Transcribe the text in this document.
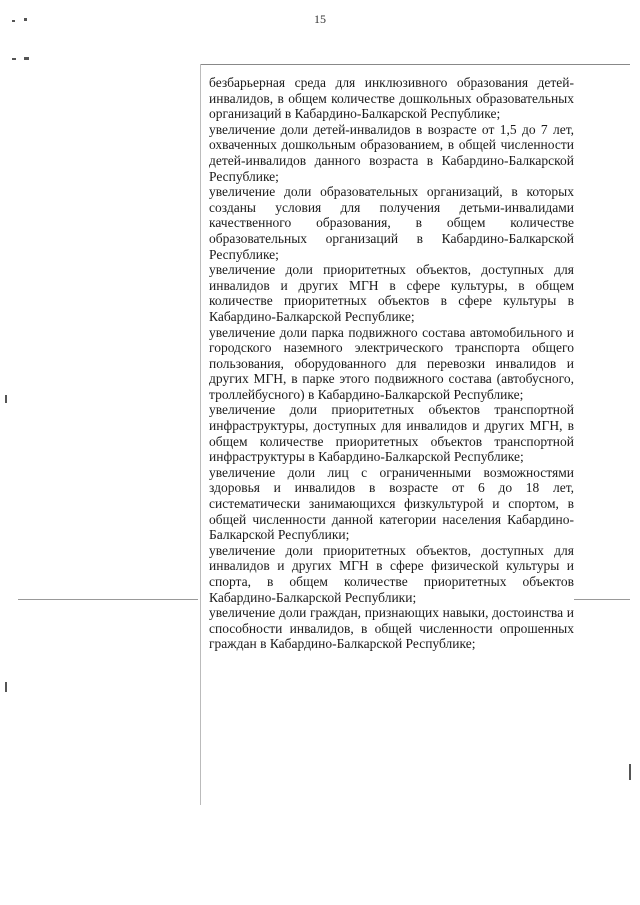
15

безбарьерная среда для инклюзивного образования детей-инвалидов, в общем количестве дошкольных образовательных организаций в Кабардино-Балкарской Республике;

увеличение доли детей-инвалидов в возрасте от 1,5 до 7 лет, охваченных дошкольным образованием, в общей численности детей-инвалидов данного возраста в Кабардино-Балкарской Республике;

увеличение доли образовательных организаций, в которых созданы условия для получения детьми-инвалидами качественного образования, в общем количестве образовательных организаций в Кабардино-Балкарской Республике;

увеличение доли приоритетных объектов, доступных для инвалидов и других МГН в сфере культуры, в общем количестве приоритетных объектов в сфере культуры в Кабардино-Балкарской Республике;

увеличение доли парка подвижного состава автомобильного и городского наземного электрического транспорта общего пользования, оборудованного для перевозки инвалидов и других МГН, в парке этого подвижного состава (автобусного, троллейбусного) в Кабардино-Балкарской Республике;

увеличение доли приоритетных объектов транспортной инфраструктуры, доступных для инвалидов и других МГН, в общем количестве приоритетных объектов транспортной инфраструктуры в Кабардино-Балкарской Республике;

увеличение доли лиц с ограниченными возможностями здоровья и инвалидов в возрасте от 6 до 18 лет, систематически занимающихся физкультурой и спортом, в общей численности данной категории населения Кабардино-Балкарской Республики;

увеличение доли приоритетных объектов, доступных для инвалидов и других МГН в сфере физической культуры и спорта, в общем количестве приоритетных объектов Кабардино-Балкарской Республики;

увеличение доли граждан, признающих навыки, достоинства и способности инвалидов, в общей численности опрошенных граждан в Кабардино-Балкарской Республике;
